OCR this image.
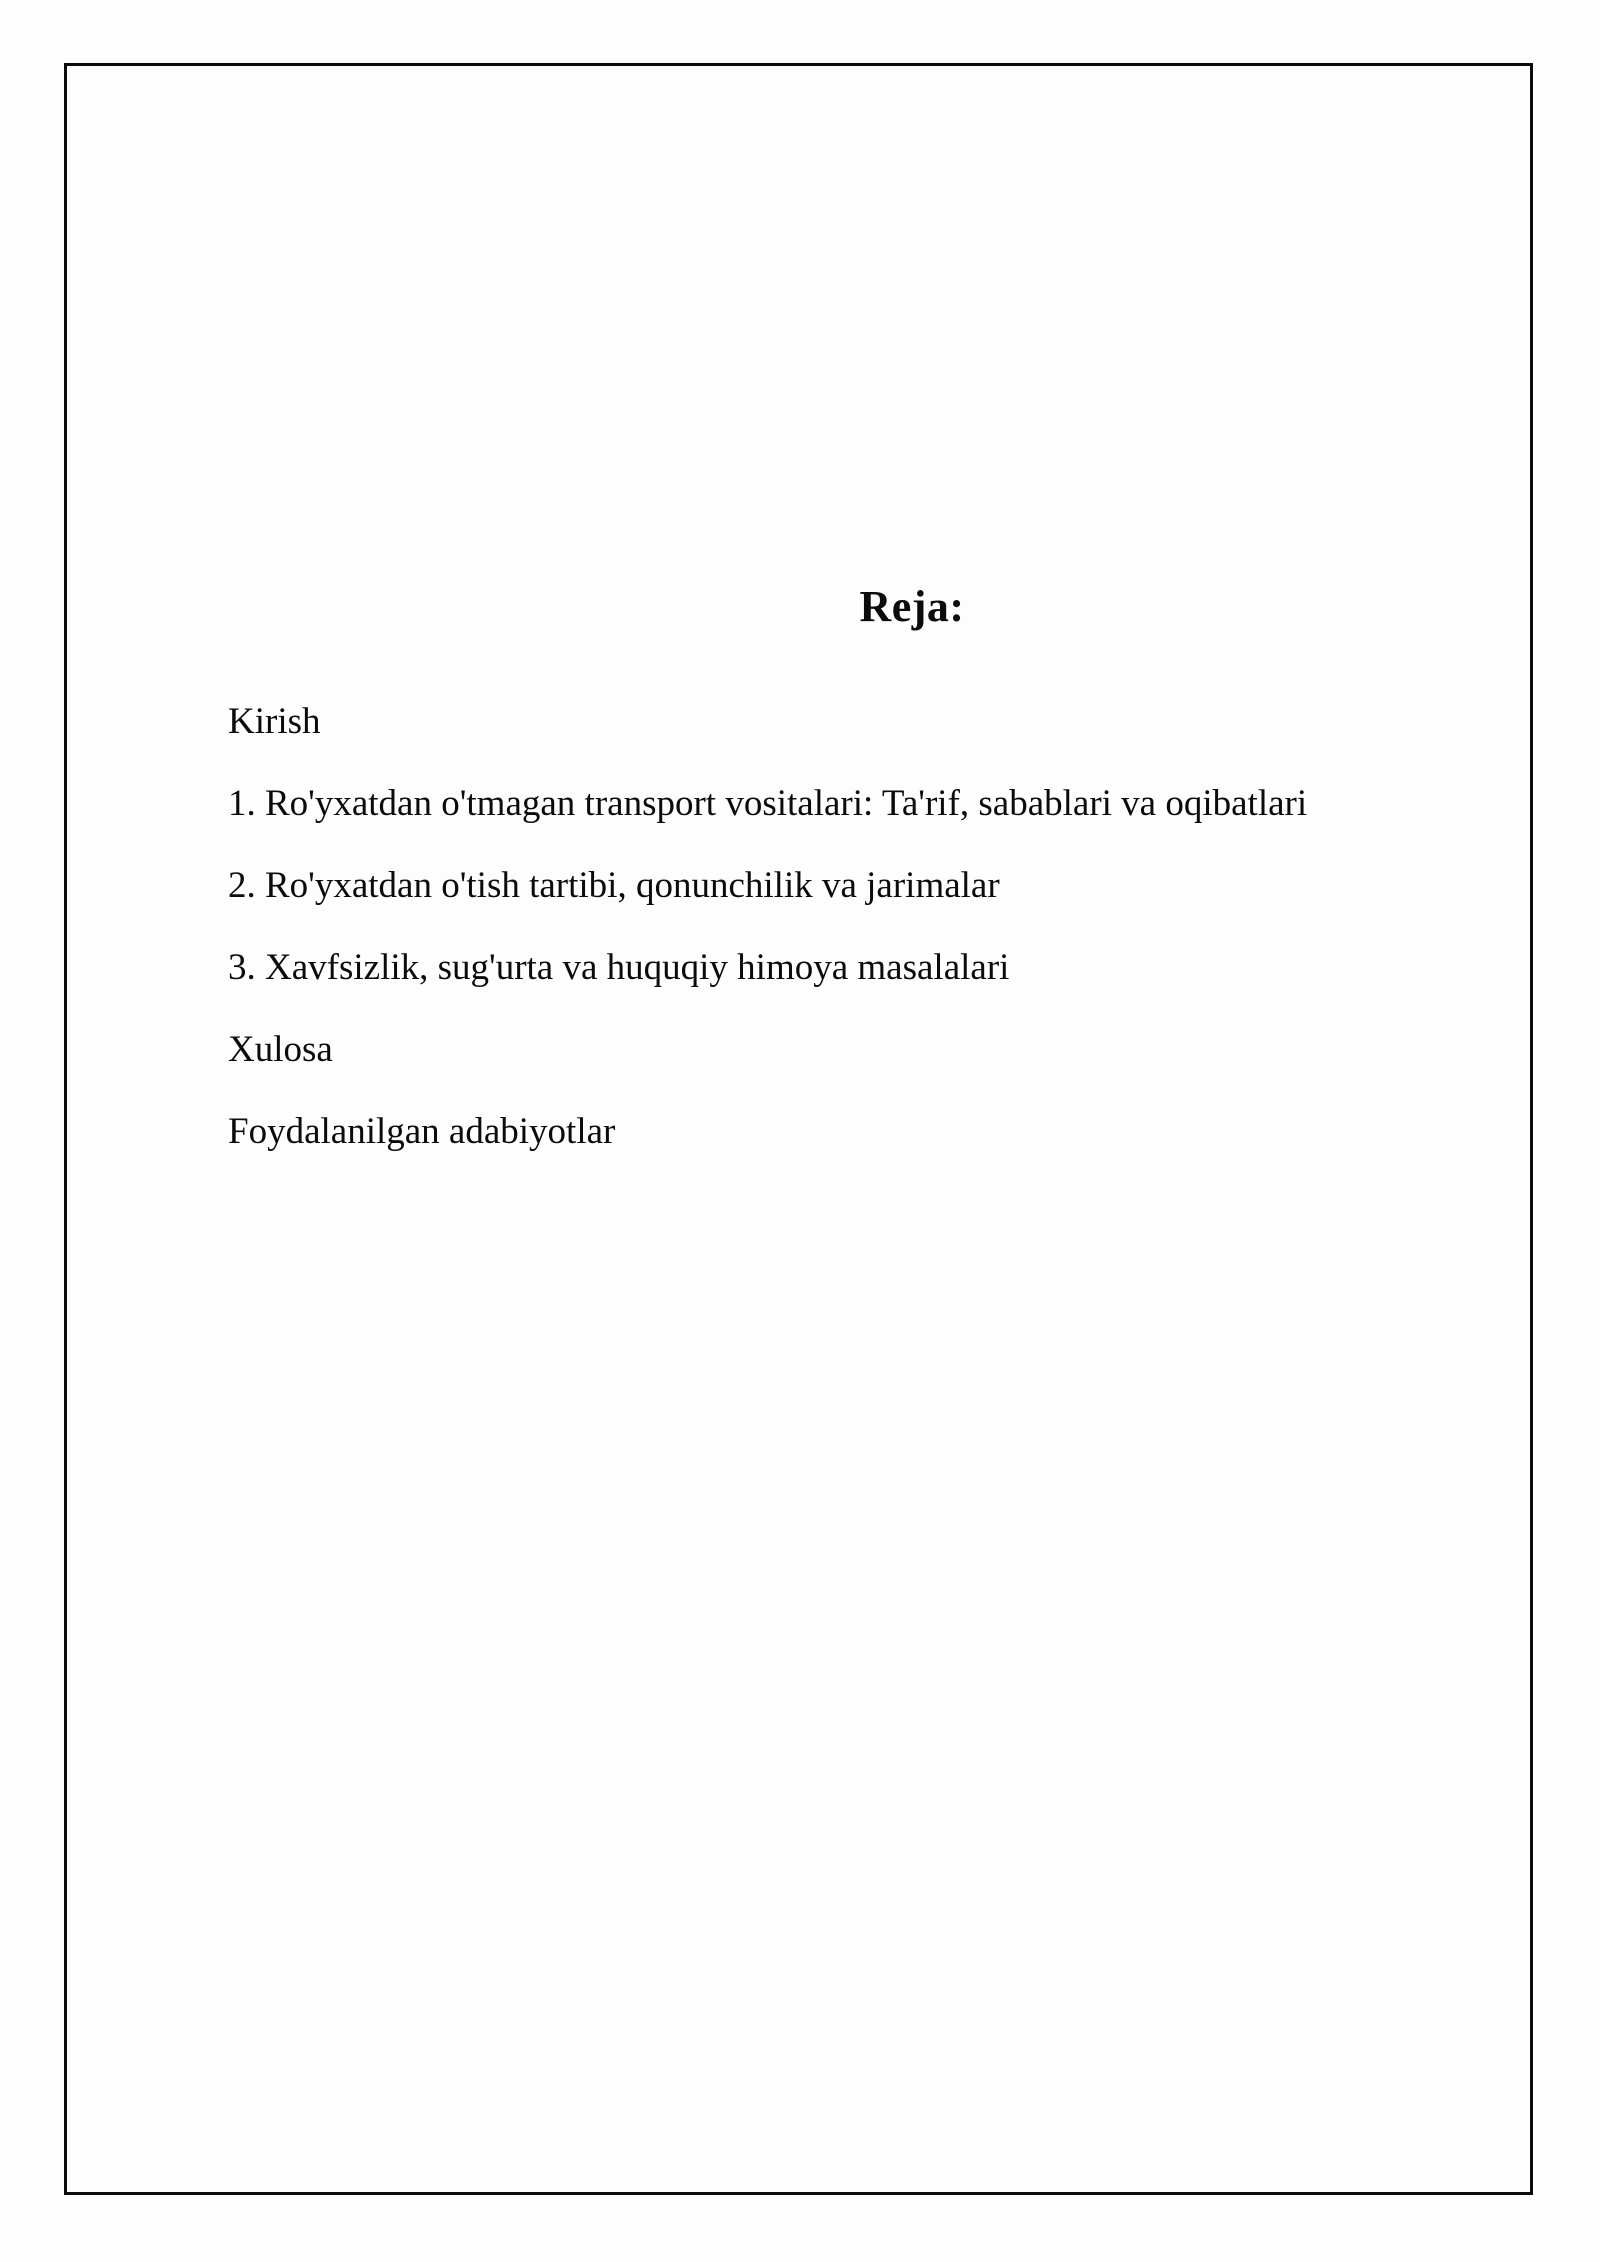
Reja:

Kirish

1. Ro'yxatdan o'tmagan transport vositalari: Ta'rif, sabablari va oqibatlari

2. Ro'yxatdan o'tish tartibi, qonunchilik va jarimalar

3. Xavfsizlik, sug'urta va huquqiy himoya masalalari

Xulosa

Foydalanilgan adabiyotlar
